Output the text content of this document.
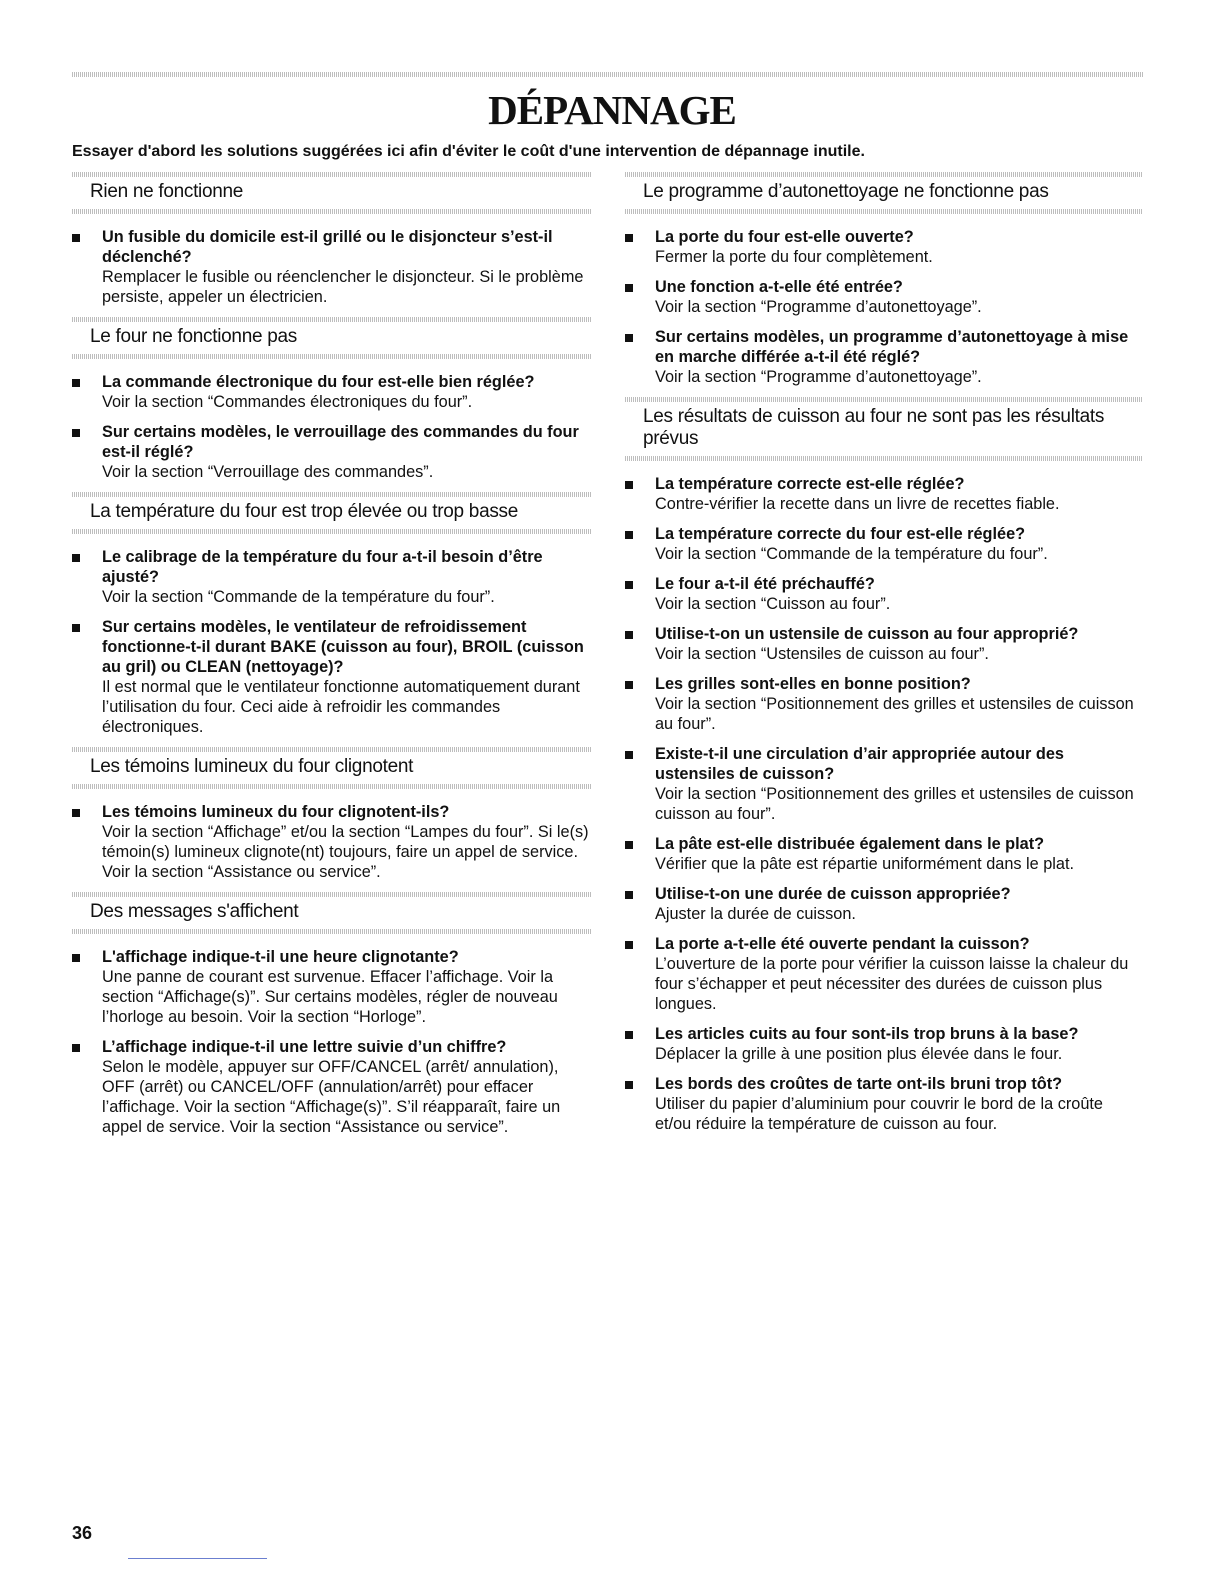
DÉPANNAGE

Essayer d'abord les solutions suggérées ici afin d'éviter le coût d'une intervention de dépannage inutile.

Rien ne fonctionne
Un fusible du domicile est-il grillé ou le disjoncteur s’est-il déclenché?
Remplacer le fusible ou réenclencher le disjoncteur. Si le problème persiste, appeler un électricien.
Le four ne fonctionne pas
La commande électronique du four est-elle bien réglée?
Voir la section “Commandes électroniques du four”.
Sur certains modèles, le verrouillage des commandes du four est-il réglé?
Voir la section “Verrouillage des commandes”.
La température du four est trop élevée ou trop basse
Le calibrage de la température du four a-t-il besoin d’être ajusté?
Voir la section “Commande de la température du four”.
Sur certains modèles, le ventilateur de refroidissement fonctionne-t-il durant BAKE (cuisson au four), BROIL (cuisson au gril) ou CLEAN (nettoyage)?
Il est normal que le ventilateur fonctionne automatiquement durant l’utilisation du four. Ceci aide à refroidir les commandes électroniques.
Les témoins lumineux du four clignotent
Les témoins lumineux du four clignotent-ils?
Voir la section “Affichage” et/ou la section “Lampes du four”. Si le(s) témoin(s) lumineux clignote(nt) toujours, faire un appel de service. Voir la section “Assistance ou service”.
Des messages s'affichent
L'affichage indique-t-il une heure clignotante?
Une panne de courant est survenue. Effacer l’affichage. Voir la section “Affichage(s)”. Sur certains modèles, régler de nouveau l’horloge au besoin. Voir la section “Horloge”.
L’affichage indique-t-il une lettre suivie d’un chiffre?
Selon le modèle, appuyer sur OFF/CANCEL (arrêt/ annulation), OFF (arrêt) ou CANCEL/OFF (annulation/arrêt) pour effacer l’affichage. Voir la section “Affichage(s)”. S’il réapparaît, faire un appel de service. Voir la section “Assistance ou service”.
Le programme d’autonettoyage ne fonctionne pas
La porte du four est-elle ouverte?
Fermer la porte du four complètement.
Une fonction a-t-elle été entrée?
Voir la section “Programme d’autonettoyage”.
Sur certains modèles, un programme d’autonettoyage à mise en marche différée a-t-il été réglé?
Voir la section “Programme d’autonettoyage”.
Les résultats de cuisson au four ne sont pas les résultats prévus
La température correcte est-elle réglée?
Contre-vérifier la recette dans un livre de recettes fiable.
La température correcte du four est-elle réglée?
Voir la section “Commande de la température du four”.
Le four a-t-il été préchauffé?
Voir la section “Cuisson au four”.
Utilise-t-on un ustensile de cuisson au four approprié?
Voir la section “Ustensiles de cuisson au four”.
Les grilles sont-elles en bonne position?
Voir la section “Positionnement des grilles et ustensiles de cuisson au four”.
Existe-t-il une circulation d’air appropriée autour des ustensiles de cuisson?
Voir la section “Positionnement des grilles et ustensiles de cuisson cuisson au four”.
La pâte est-elle distribuée également dans le plat?
Vérifier que la pâte est répartie uniformément dans le plat.
Utilise-t-on une durée de cuisson appropriée?
Ajuster la durée de cuisson.
La porte a-t-elle été ouverte pendant la cuisson?
L’ouverture de la porte pour vérifier la cuisson laisse la chaleur du four s’échapper et peut nécessiter des durées de cuisson plus longues.
Les articles cuits au four sont-ils trop bruns à la base?
Déplacer la grille à une position plus élevée dans le four.
Les bords des croûtes de tarte ont-ils bruni trop tôt?
Utiliser du papier d’aluminium pour couvrir le bord de la croûte et/ou réduire la température de cuisson au four.
36
